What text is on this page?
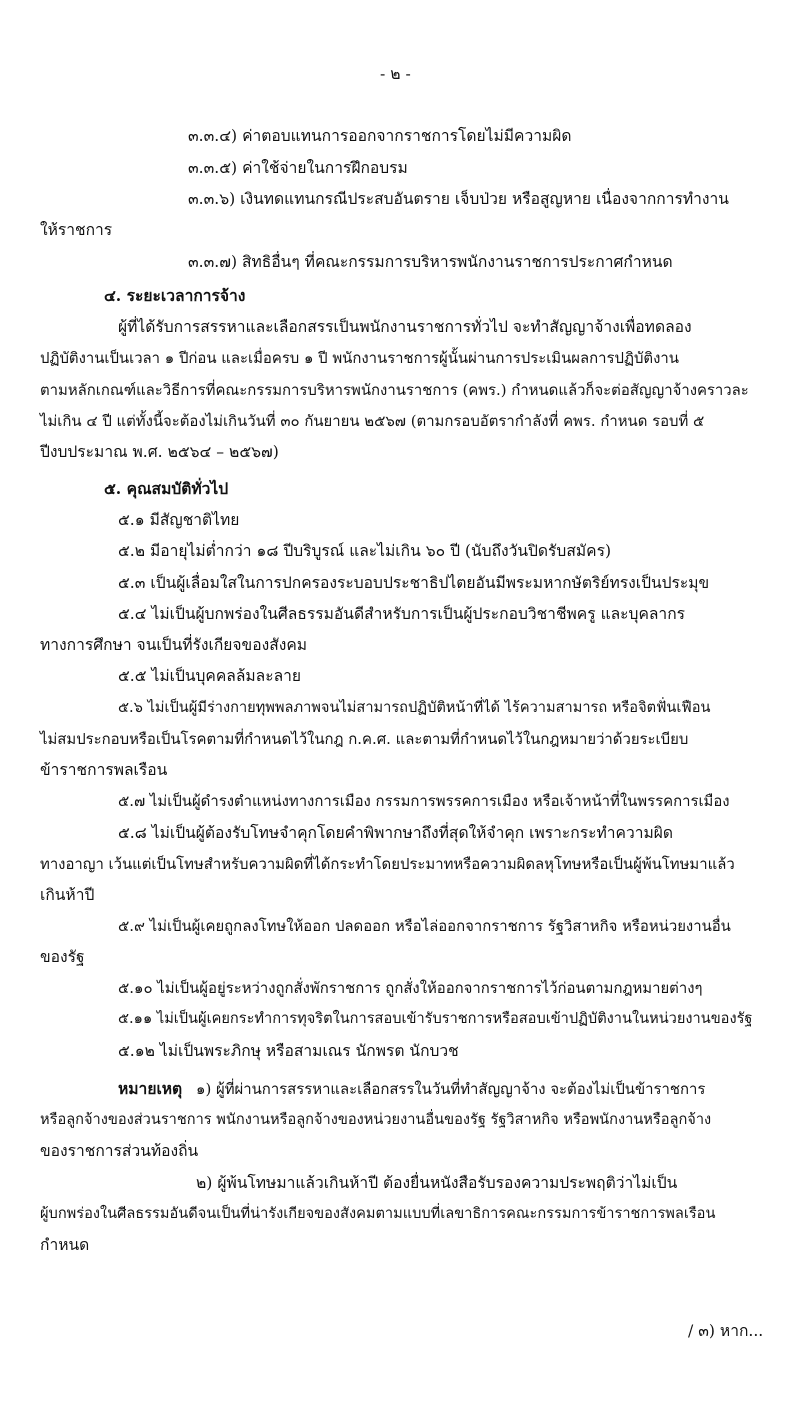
- ๒ -
๓.๓.๔) ค่าตอบแทนการออกจากราชการโดยไม่มีความผิด
๓.๓.๕) ค่าใช้จ่ายในการฝึกอบรม
๓.๓.๖) เงินทดแทนกรณีประสบอันตราย เจ็บป่วย หรือสูญหาย เนื่องจากการทำงาน
ให้ราชการ
๓.๓.๗) สิทธิอื่นๆ ที่คณะกรรมการบริหารพนักงานราชการประกาศกำหนด
๔. ระยะเวลาการจ้าง
ผู้ที่ได้รับการสรรหาและเลือกสรรเป็นพนักงานราชการทั่วไป จะทำสัญญาจ้างเพื่อทดลอง
ปฏิบัติงานเป็นเวลา ๑ ปีก่อน และเมื่อครบ ๑ ปี พนักงานราชการผู้นั้นผ่านการประเมินผลการปฏิบัติงาน
ตามหลักเกณฑ์และวิธีการที่คณะกรรมการบริหารพนักงานราชการ (คพร.) กำหนดแล้วก็จะต่อสัญญาจ้างคราวละ
ไม่เกิน ๔ ปี แต่ทั้งนี้จะต้องไม่เกินวันที่ ๓๐ กันยายน ๒๕๖๗ (ตามกรอบอัตรากำลังที่ คพร. กำหนด รอบที่ ๕
ปีงบประมาณ พ.ศ. ๒๕๖๔ – ๒๕๖๗)
๕. คุณสมบัติทั่วไป
๕.๑ มีสัญชาติไทย
๕.๒ มีอายุไม่ต่ำกว่า ๑๘ ปีบริบูรณ์ และไม่เกิน ๖๐ ปี (นับถึงวันปิดรับสมัคร)
๕.๓ เป็นผู้เลื่อมใสในการปกครองระบอบประชาธิปไตยอันมีพระมหากษัตริย์ทรงเป็นประมุข
๕.๔ ไม่เป็นผู้บกพร่องในศีลธรรมอันดีสำหรับการเป็นผู้ประกอบวิชาชีพครู และบุคลากร
ทางการศึกษา จนเป็นที่รังเกียจของสังคม
๕.๕ ไม่เป็นบุคคลล้มละลาย
๕.๖ ไม่เป็นผู้มีร่างกายทุพพลภาพจนไม่สามารถปฏิบัติหน้าที่ได้ ไร้ความสามารถ หรือจิตฟั่นเฟือน
ไม่สมประกอบหรือเป็นโรคตามที่กำหนดไว้ในกฎ ก.ค.ศ. และตามที่กำหนดไว้ในกฎหมายว่าด้วยระเบียบ
ข้าราชการพลเรือน
๕.๗ ไม่เป็นผู้ดำรงตำแหน่งทางการเมือง กรรมการพรรคการเมือง หรือเจ้าหน้าที่ในพรรคการเมือง
๕.๘ ไม่เป็นผู้ต้องรับโทษจำคุกโดยคำพิพากษาถึงที่สุดให้จำคุก เพราะกระทำความผิด
ทางอาญา เว้นแต่เป็นโทษสำหรับความผิดที่ได้กระทำโดยประมาทหรือความผิดลหุโทษหรือเป็นผู้พ้นโทษมาแล้ว
เกินห้าปี
๕.๙ ไม่เป็นผู้เคยถูกลงโทษให้ออก ปลดออก หรือไล่ออกจากราชการ รัฐวิสาหกิจ หรือหน่วยงานอื่น
ของรัฐ
๕.๑๐ ไม่เป็นผู้อยู่ระหว่างถูกสั่งพักราชการ ถูกสั่งให้ออกจากราชการไว้ก่อนตามกฎหมายต่างๆ
๕.๑๑ ไม่เป็นผู้เคยกระทำการทุจริตในการสอบเข้ารับราชการหรือสอบเข้าปฏิบัติงานในหน่วยงานของรัฐ
๕.๑๒ ไม่เป็นพระภิกษุ หรือสามเณร นักพรต นักบวช
หมายเหตุ ๑) ผู้ที่ผ่านการสรรหาและเลือกสรรในวันที่ทำสัญญาจ้าง จะต้องไม่เป็นข้าราชการ
หรือลูกจ้างของส่วนราชการ พนักงานหรือลูกจ้างของหน่วยงานอื่นของรัฐ รัฐวิสาหกิจ หรือพนักงานหรือลูกจ้าง
ของราชการส่วนท้องถิ่น
๒) ผู้พ้นโทษมาแล้วเกินห้าปี ต้องยื่นหนังสือรับรองความประพฤติว่าไม่เป็น
ผู้บกพร่องในศีลธรรมอันดีจนเป็นที่น่ารังเกียจของสังคมตามแบบที่เลขาธิการคณะกรรมการข้าราชการพลเรือน
กำหนด
/ ๓) หาก...
